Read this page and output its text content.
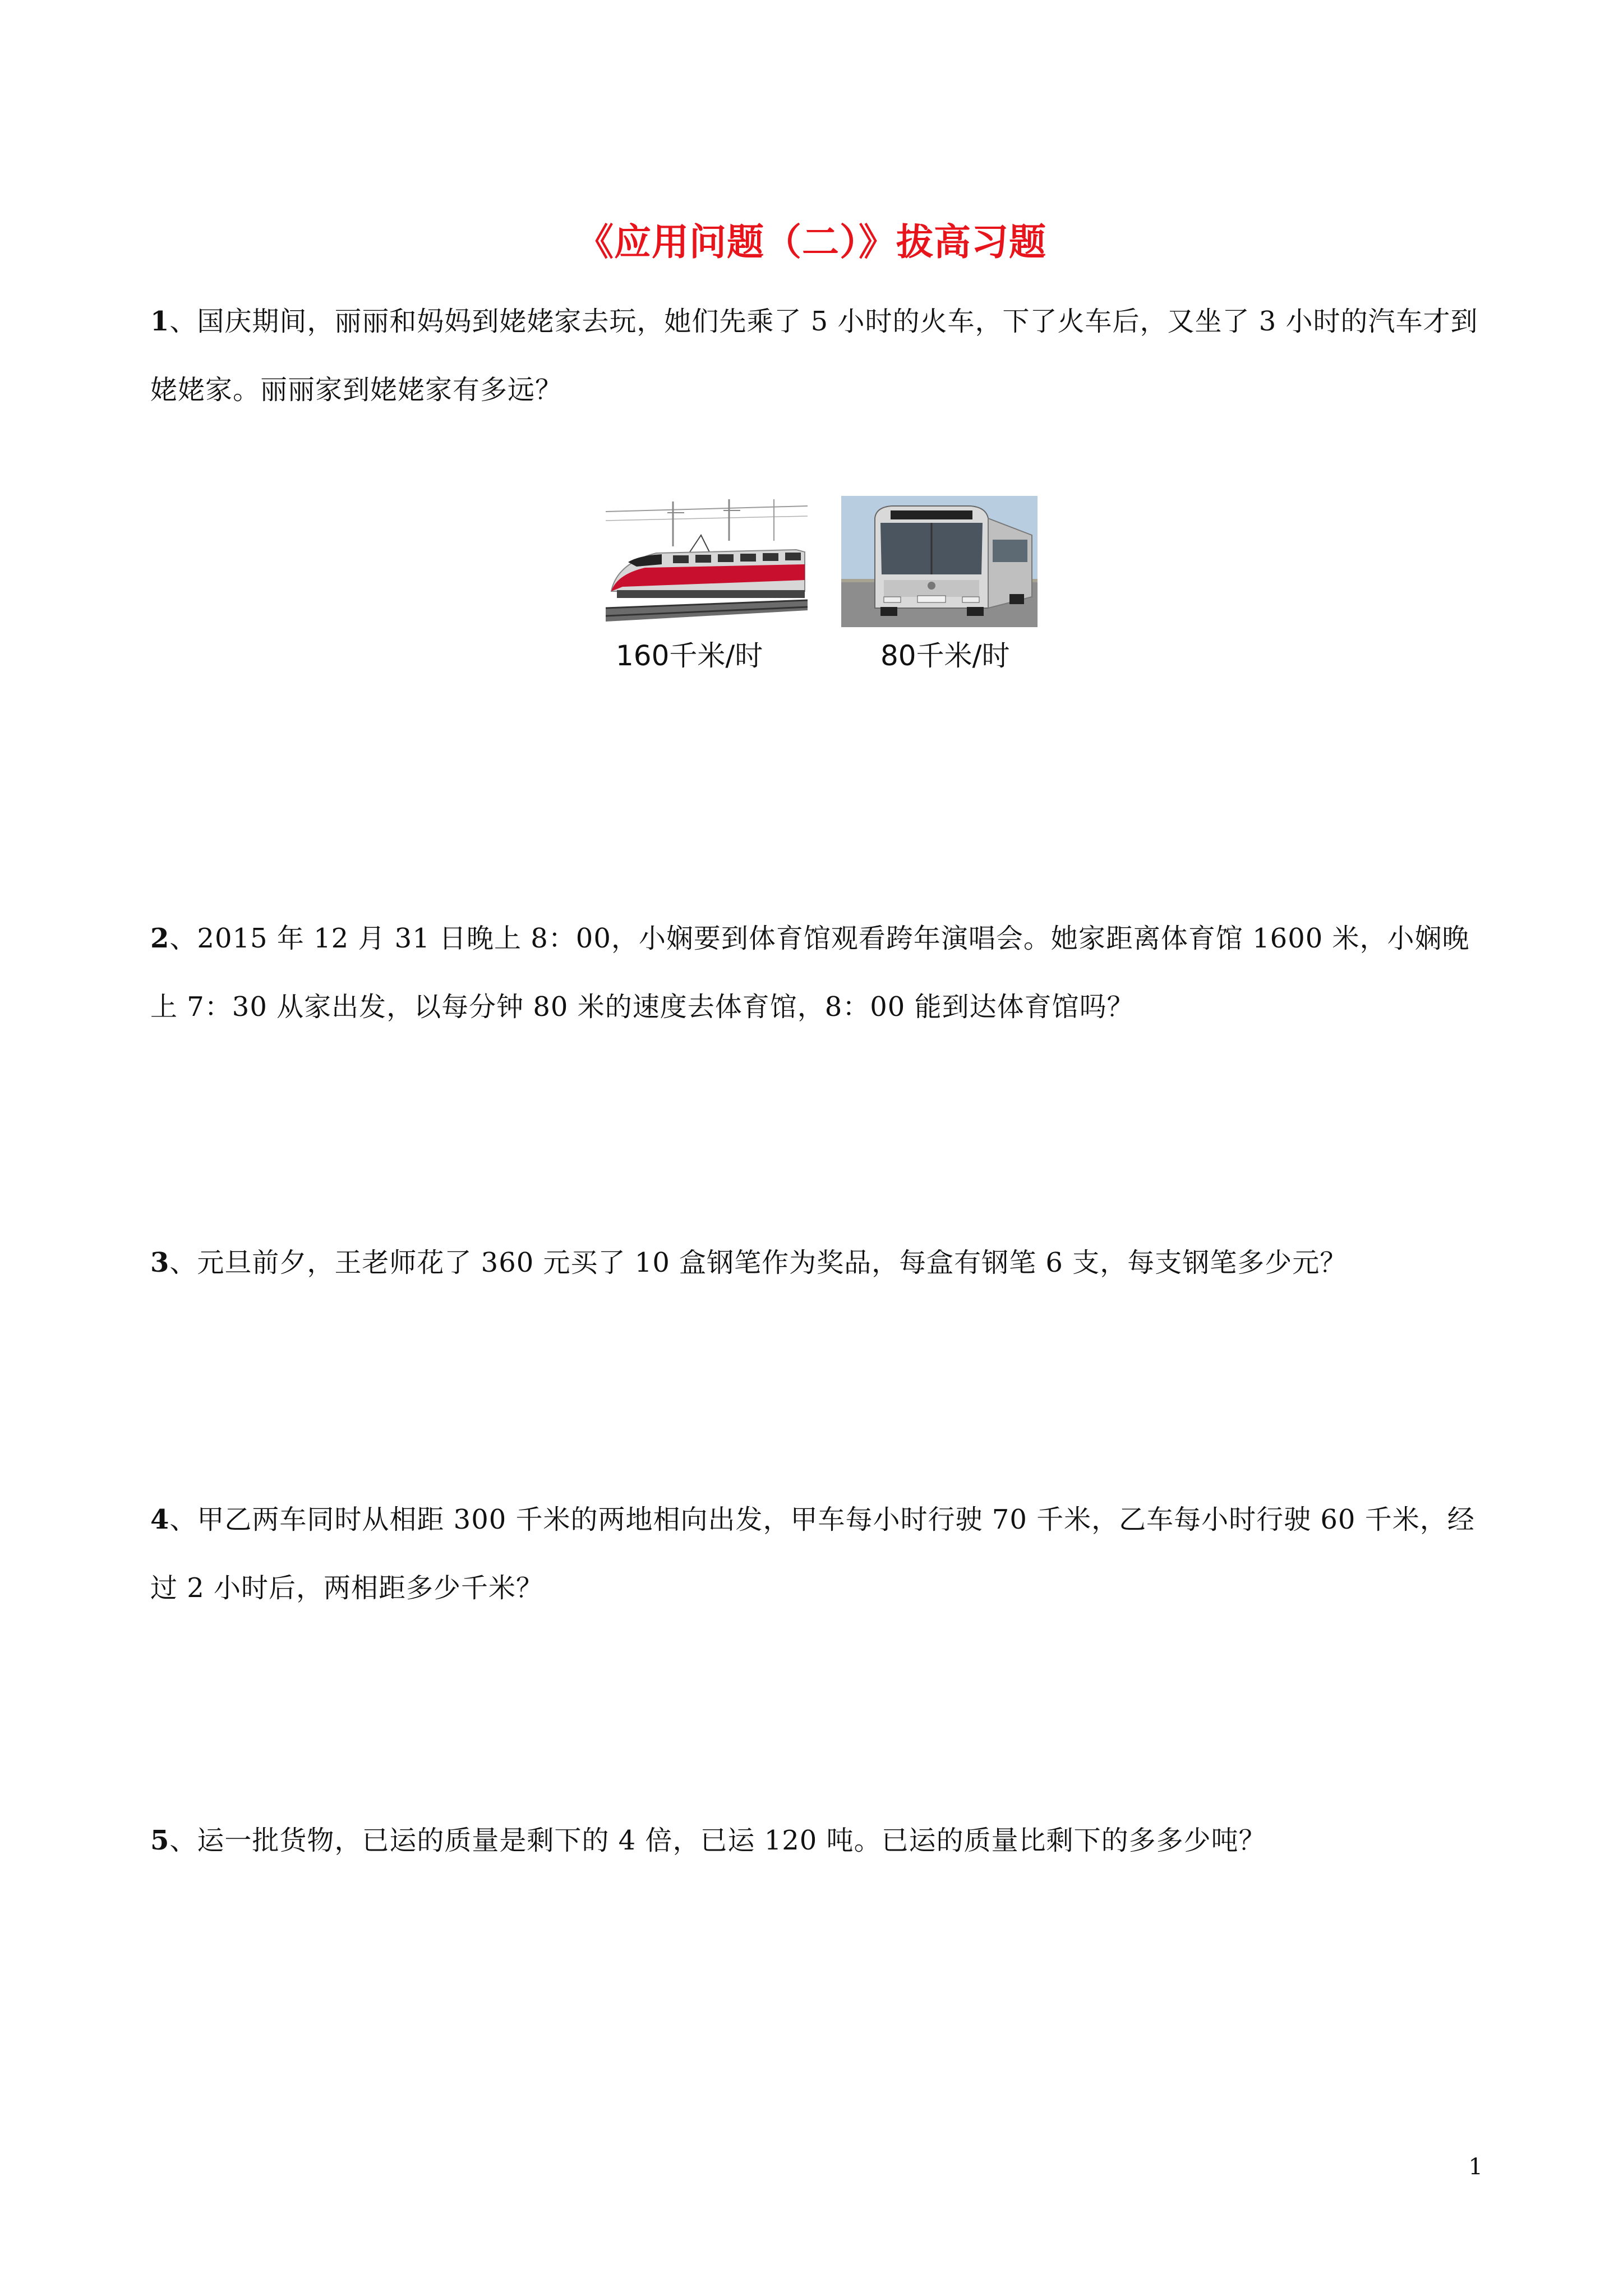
《应用问题（二）》拔高习题
1、国庆期间，丽丽和妈妈到姥姥家去玩，她们先乘了 5 小时的火车，下了火车后，又坐了 3 小时的汽车才到姥姥家。丽丽家到姥姥家有多远？
160千米/时	80千米/时
2、2015 年 12 月 31 日晚上 8：00，小娴要到体育馆观看跨年演唱会。她家距离体育馆 1600 米，小娴晚上 7：30 从家出发，以每分钟 80 米的速度去体育馆，8：00 能到达体育馆吗？
3、元旦前夕，王老师花了 360 元买了 10 盒钢笔作为奖品，每盒有钢笔 6 支，每支钢笔多少元？
4、甲乙两车同时从相距 300 千米的两地相向出发，甲车每小时行驶 70 千米，乙车每小时行驶 60 千米，经过 2 小时后，两相距多少千米？
5、运一批货物，已运的质量是剩下的 4 倍，已运 120 吨。已运的质量比剩下的多多少吨？
1
